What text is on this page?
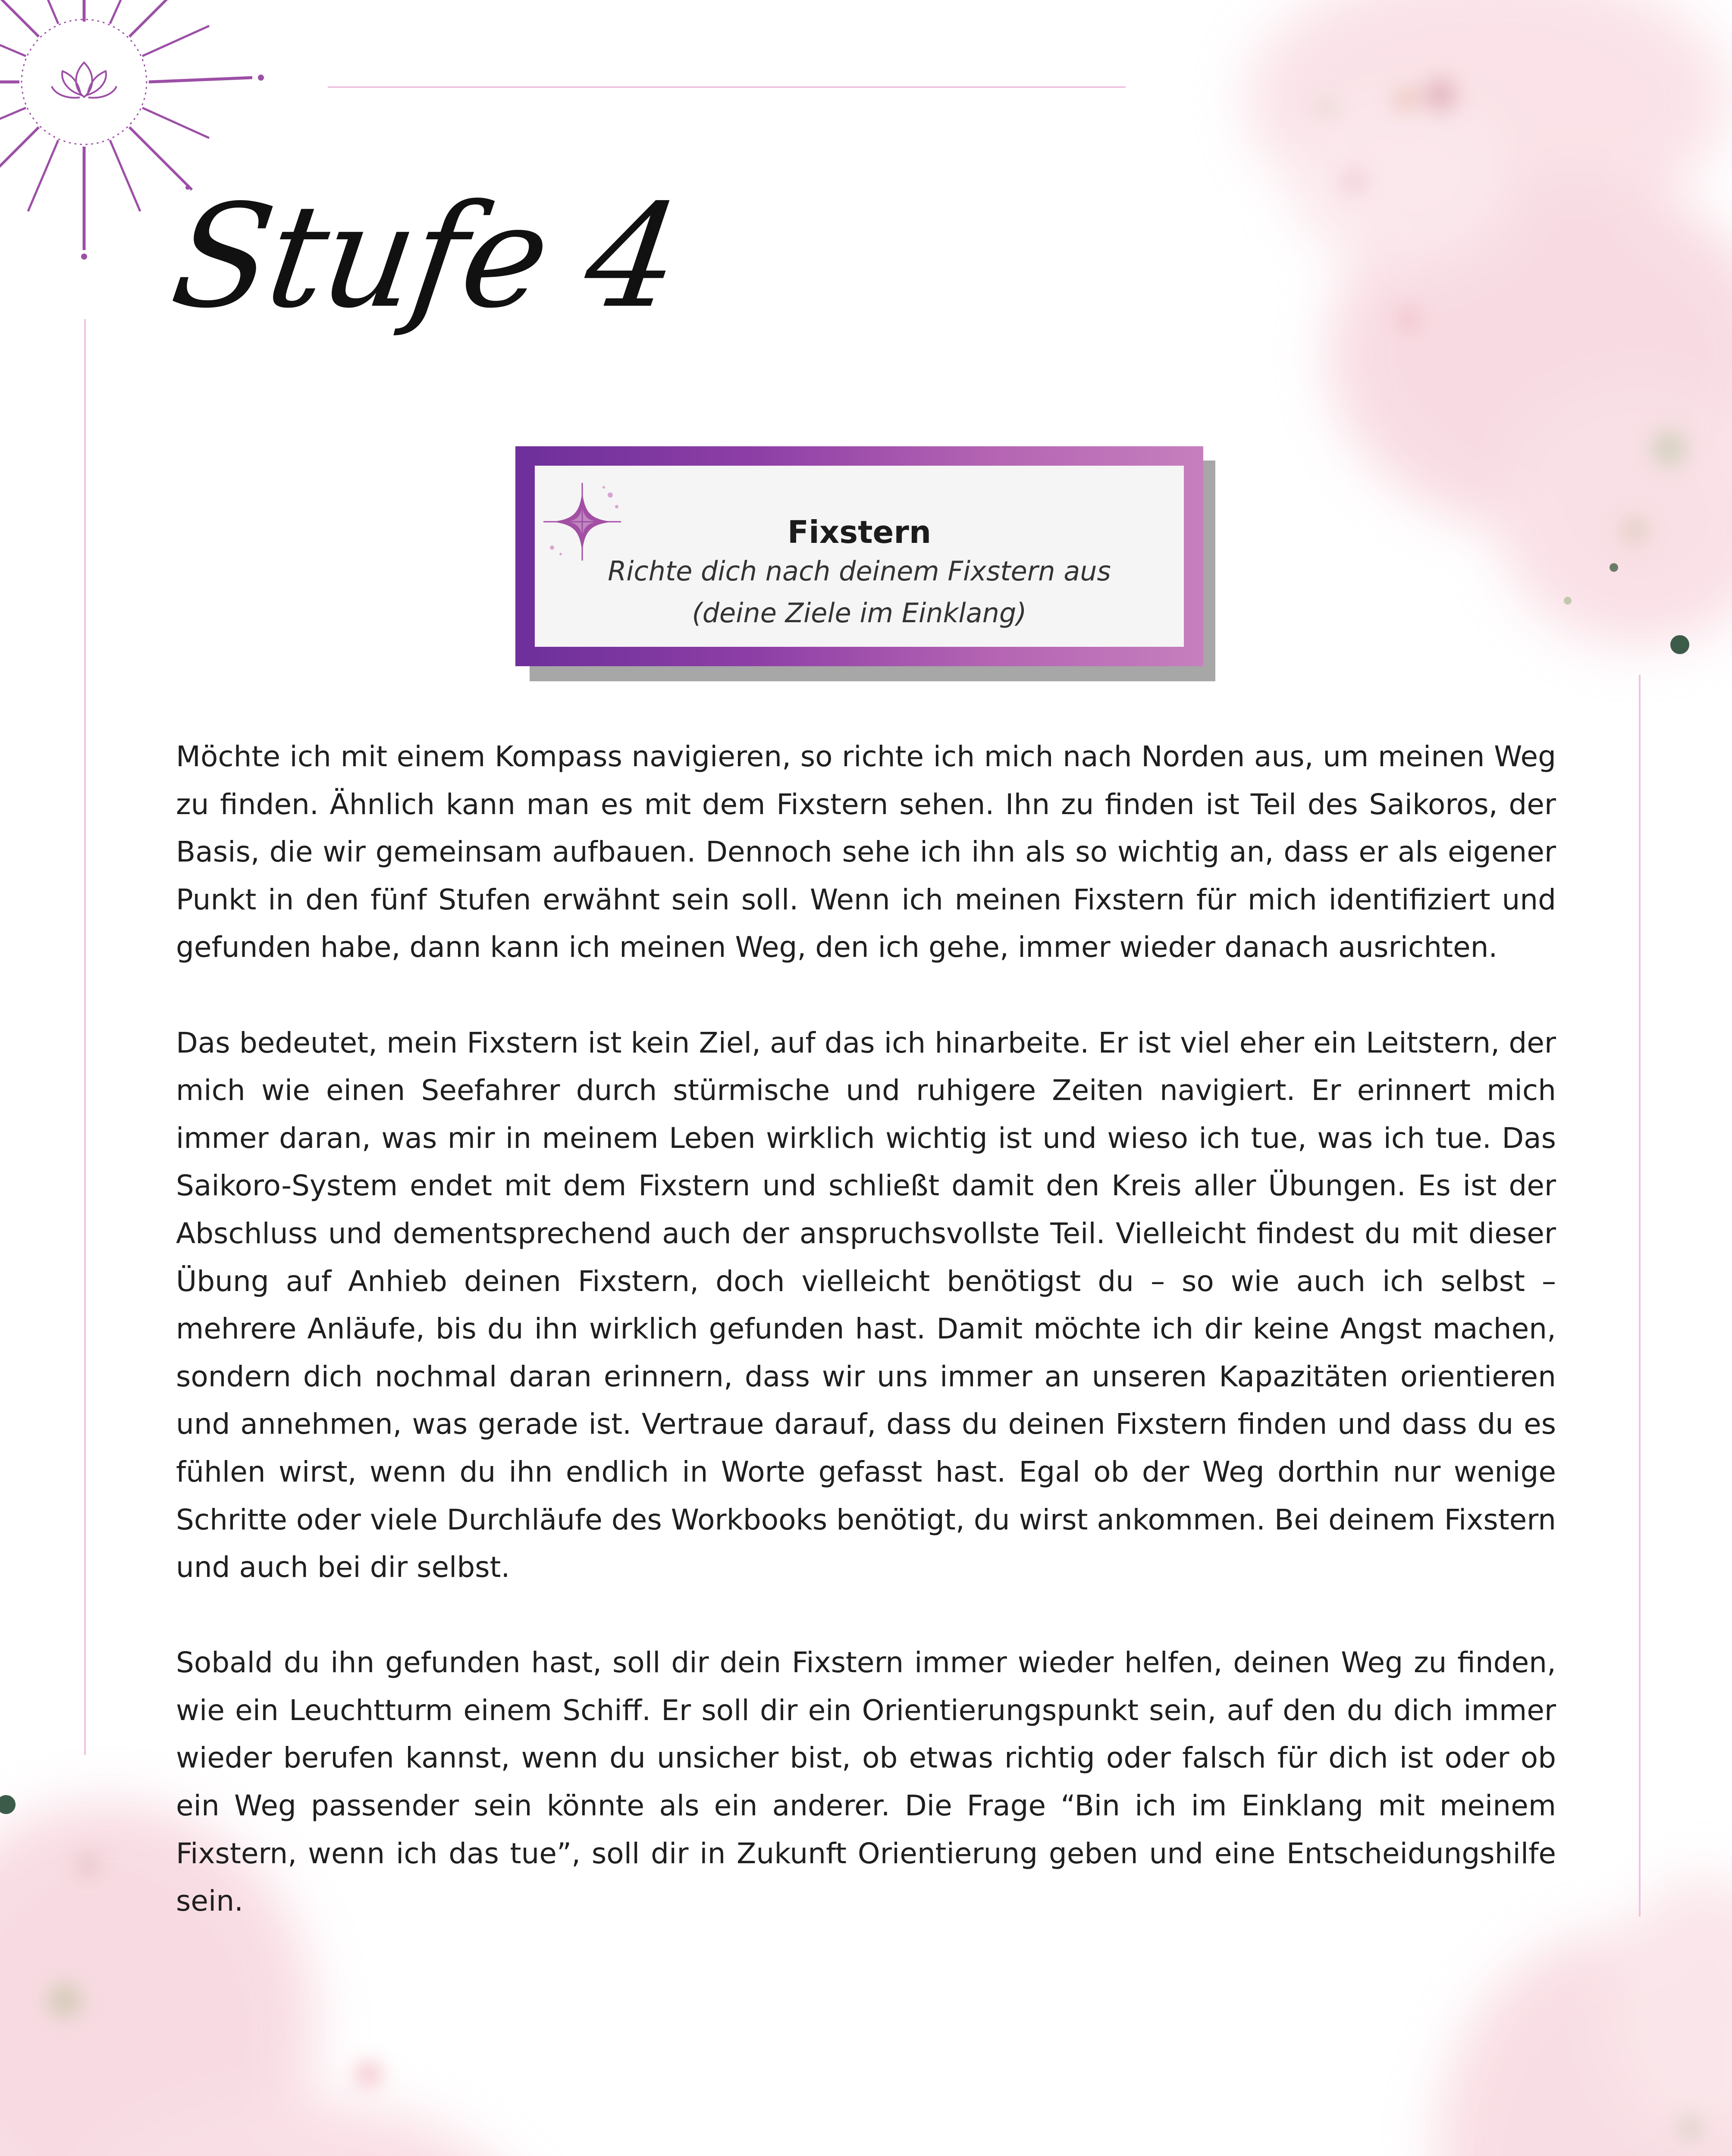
Stufe 4
Fixstern
Richte dich nach deinem Fixstern aus
(deine Ziele im Einklang)

Möchte ich mit einem Kompass navigieren, so richte ich mich nach Norden aus, um meinen Weg zu finden. Ähnlich kann man es mit dem Fixstern sehen. Ihn zu finden ist Teil des Saikoros, der Basis, die wir gemeinsam aufbauen. Dennoch sehe ich ihn als so wichtig an, dass er als eigener Punkt in den fünf Stufen erwähnt sein soll. Wenn ich meinen Fixstern für mich identifiziert und gefunden habe, dann kann ich meinen Weg, den ich gehe, immer wieder danach ausrichten.

Das bedeutet, mein Fixstern ist kein Ziel, auf das ich hinarbeite. Er ist viel eher ein Leitstern, der mich wie einen Seefahrer durch stürmische und ruhigere Zeiten navigiert. Er erinnert mich immer daran, was mir in meinem Leben wirklich wichtig ist und wieso ich tue, was ich tue. Das Saikoro-System endet mit dem Fixstern und schließt damit den Kreis aller Übungen. Es ist der Abschluss und dementsprechend auch der anspruchsvollste Teil. Vielleicht findest du mit dieser Übung auf Anhieb deinen Fixstern, doch vielleicht benötigst du – so wie auch ich selbst – mehrere Anläufe, bis du ihn wirklich gefunden hast. Damit möchte ich dir keine Angst machen, sondern dich nochmal daran erinnern, dass wir uns immer an unseren Kapazitäten orientieren und annehmen, was gerade ist. Vertraue darauf, dass du deinen Fixstern finden und dass du es fühlen wirst, wenn du ihn endlich in Worte gefasst hast. Egal ob der Weg dorthin nur wenige Schritte oder viele Durchläufe des Workbooks benötigt, du wirst ankommen. Bei deinem Fixstern und auch bei dir selbst.

Sobald du ihn gefunden hast, soll dir dein Fixstern immer wieder helfen, deinen Weg zu finden, wie ein Leuchtturm einem Schiff. Er soll dir ein Orientierungspunkt sein, auf den du dich immer wieder berufen kannst, wenn du unsicher bist, ob etwas richtig oder falsch für dich ist oder ob ein Weg passender sein könnte als ein anderer. Die Frage “Bin ich im Einklang mit meinem Fixstern, wenn ich das tue”, soll dir in Zukunft Orientierung geben und eine Entscheidungshilfe sein.
